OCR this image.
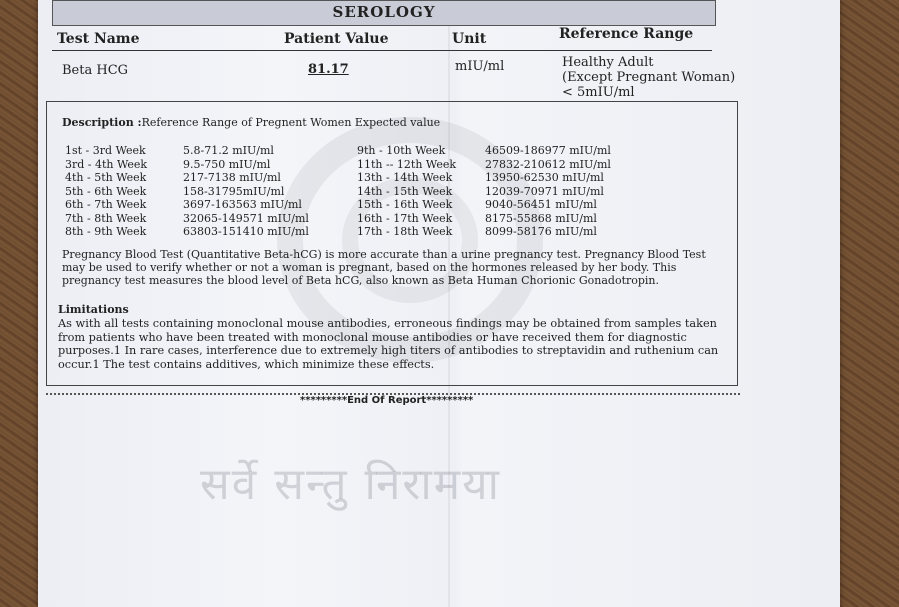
SEROLOGY
Test Name	Patient Value	Unit	Reference Range
Beta HCG	81.17	mIU/ml	Healthy Adult
(Except Pregnant Woman)
< 5mIU/ml
Description :Reference Range of Pregnent Women Expected value
1st - 3rd Week	5.8-71.2 mIU/ml	9th - 10th Week	46509-186977 mIU/ml
3rd - 4th Week	9.5-750 mIU/ml	11th -- 12th Week	27832-210612 mIU/ml
4th - 5th Week	217-7138 mIU/ml	13th - 14th Week	13950-62530 mIU/ml
5th - 6th Week	158-31795mIU/ml	14th - 15th Week	12039-70971 mIU/ml
6th - 7th Week	3697-163563 mIU/ml	15th - 16th Week	9040-56451 mIU/ml
7th - 8th Week	32065-149571 mIU/ml	16th - 17th Week	8175-55868 mIU/ml
8th - 9th Week	63803-151410 mIU/ml	17th - 18th Week	8099-58176 mIU/ml
Pregnancy Blood Test (Quantitative Beta-hCG) is more accurate than a urine pregnancy test. Pregnancy Blood Test may be used to verify whether or not a woman is pregnant, based on the hormones released by her body. This pregnancy test measures the blood level of Beta hCG, also known as Beta Human Chorionic Gonadotropin.
Limitations
As with all tests containing monoclonal mouse antibodies, erroneous findings may be obtained from samples taken from patients who have been treated with monoclonal mouse antibodies or have received them for diagnostic purposes.1 In rare cases, interference due to extremely high titers of antibodies to streptavidin and ruthenium can occur.1 The test contains additives, which minimize these effects.
*********End Of Report*********
सर्वे सन्तु निरामया
